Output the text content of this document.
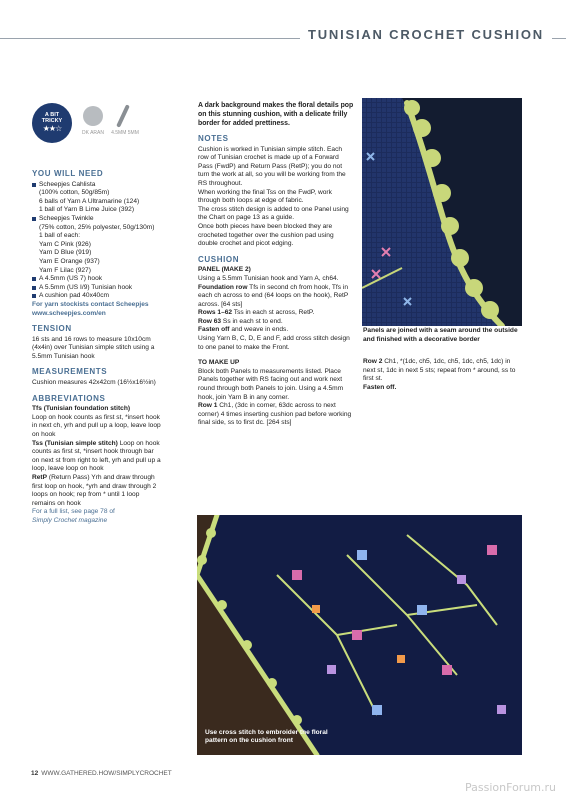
TUNISIAN CROCHET CUSHION
A BIT
TRICKY
★★☆	DK ARAN	4.5MM 5MM
YOU WILL NEED
Scheepjes Cahlista
(100% cotton, 50g/85m)
6 balls of Yarn A Ultramarine (124)
1 ball of Yarn B Lime Juice (392)
Scheepjes Twinkle
(75% cotton, 25% polyester, 50g/130m)
1 ball of each:
Yarn C Pink (926)
Yarn D Blue (919)
Yarn E Orange (937)
Yarn F Lilac (927)
A 4.5mm (US 7) hook
A 5.5mm (US I/9) Tunisian hook
A cushion pad 40x40cm
For yarn stockists contact Scheepjes www.scheepjes.com/en
TENSION

16 sts and 16 rows to measure 10x10cm (4x4in) over Tunisian simple stitch using a 5.5mm Tunisian hook

MEASUREMENTS

Cushion measures 42x42cm (16½x16½in)

ABBREVIATIONS
Tfs (Tunisian foundation stitch)
Loop on hook counts as first st, *insert hook in next ch, yrh and pull up a loop, leave loop on hook
Tss (Tunisian simple stitch) Loop on hook counts as first st, *insert hook through bar on next st from right to left, yrh and pull up a loop, leave loop on hook
RetP (Return Pass) Yrh and draw through first loop on hook, *yrh and draw through 2 loops on hook; rep from * until 1 loop remains on hook
For a full list, see page 78 of
Simply Crochet magazine
A dark background makes the floral details pop on this stunning cushion, with a delicate frilly border for added prettiness.
NOTES

Cushion is worked in Tunisian simple stitch. Each row of Tunisian crochet is made up of a Forward Pass (FwdP) and Return Pass (RetP); you do not turn the work at all, so you will be working from the RS throughout.

When working the final Tss on the FwdP, work through both loops at edge of fabric.

The cross stitch design is added to one Panel using the Chart on page 13 as a guide.

Once both pieces have been blocked they are crocheted together over the cushion pad using double crochet and picot edging.

CUSHION
PANEL (MAKE 2)

Using a 5.5mm Tunisian hook and Yarn A, ch64.

Foundation row Tfs in second ch from hook, Tfs in each ch across to end (64 loops on the hook), RetP across. [64 sts]

Rows 1–62 Tss in each st across, RetP.

Row 63 Ss in each st to end.

Fasten off and weave in ends.

Using Yarn B, C, D, E and F, add cross stitch design to one panel to make the Front.

TO MAKE UP

Block both Panels to measurements listed. Place Panels together with RS facing out and work next round through both Panels to join. Using a 4.5mm hook, join Yarn B in any corner.

Row 1 Ch1, (3dc in corner, 63dc across to next corner) 4 times inserting cushion pad before working final side, ss to first dc. [264 sts]

Panels are joined with a seam around the outside and finished with a decorative border

Row 2 Ch1, *(1dc, ch5, 1dc, ch5, 1dc, ch5, 1dc) in next st, 1dc in next 5 sts; repeat from * around, ss to first st.

Fasten off.

Use cross stitch to embroider the floral pattern on the cushion front
12 WWW.GATHERED.HOW/SIMPLYCROCHET
PassionForum.ru
